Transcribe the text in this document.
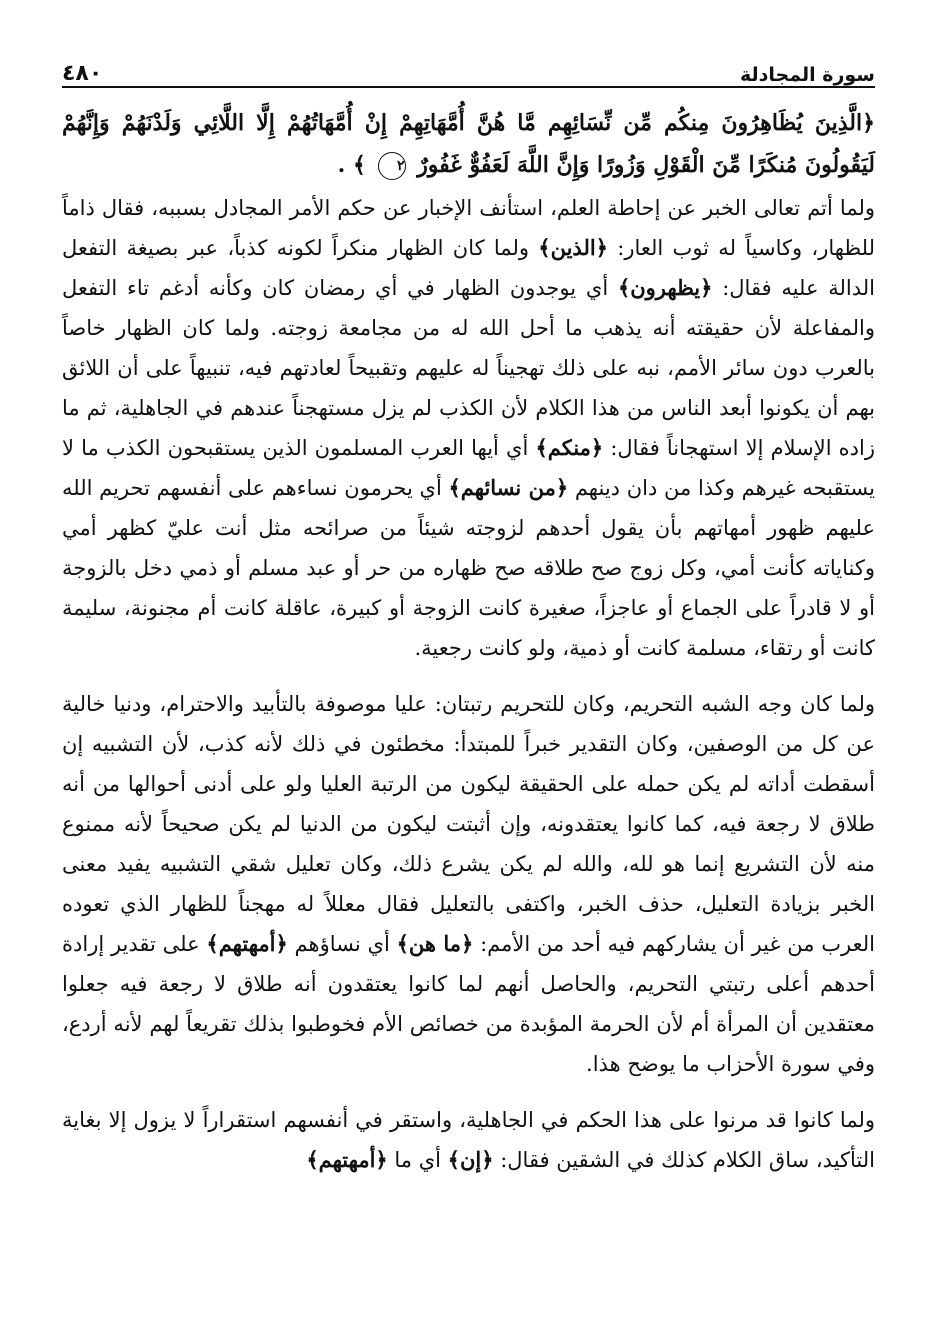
سورة المجادلة
٤٨٠
﴿الَّذِينَ يُظَاهِرُونَ مِنكُم مِّن نِّسَائِهِم مَّا هُنَّ أُمَّهَاتِهِمْ إِنْ أُمَّهَاتُهُمْ إِلَّا اللَّائِي وَلَدْنَهُمْ وَإِنَّهُمْ لَيَقُولُونَ مُنكَرًا مِّنَ الْقَوْلِ وَزُورًا وَإِنَّ اللَّهَ لَعَفُوٌّ غَفُورٌ ٢ ﴾ .

ولما أتم تعالى الخبر عن إحاطة العلم، استأنف الإخبار عن حكم الأمر المجادل بسببه، فقال ذاماً للظهار، وكاسياً له ثوب العار: ﴿الذين﴾ ولما كان الظهار منكراً لكونه كذباً، عبر بصيغة التفعل الدالة عليه فقال: ﴿يظهرون﴾ أي يوجدون الظهار في أي رمضان كان وكأنه أدغم تاء التفعل والمفاعلة لأن حقيقته أنه يذهب ما أحل الله له من مجامعة زوجته. ولما كان الظهار خاصاً بالعرب دون سائر الأمم، نبه على ذلك تهجيناً له عليهم وتقبيحاً لعادتهم فيه، تنبيهاً على أن اللائق بهم أن يكونوا أبعد الناس من هذا الكلام لأن الكذب لم يزل مستهجناً عندهم في الجاهلية، ثم ما زاده الإسلام إلا استهجاناً فقال: ﴿منكم﴾ أي أيها العرب المسلمون الذين يستقبحون الكذب ما لا يستقبحه غيرهم وكذا من دان دينهم ﴿من نسائهم﴾ أي يحرمون نساءهم على أنفسهم تحريم الله عليهم ظهور أمهاتهم بأن يقول أحدهم لزوجته شيئاً من صرائحه مثل أنت عليّ كظهر أمي وكناياته كأنت أمي، وكل زوج صح طلاقه صح ظهاره من حر أو عبد مسلم أو ذمي دخل بالزوجة أو لا قادراً على الجماع أو عاجزاً، صغيرة كانت الزوجة أو كبيرة، عاقلة كانت أم مجنونة، سليمة كانت أو رتقاء، مسلمة كانت أو ذمية، ولو كانت رجعية.

ولما كان وجه الشبه التحريم، وكان للتحريم رتبتان: عليا موصوفة بالتأبيد والاحترام، ودنيا خالية عن كل من الوصفين، وكان التقدير خبراً للمبتدأ: مخطئون في ذلك لأنه كذب، لأن التشبيه إن أسقطت أداته لم يكن حمله على الحقيقة ليكون من الرتبة العليا ولو على أدنى أحوالها من أنه طلاق لا رجعة فيه، كما كانوا يعتقدونه، وإن أثبتت ليكون من الدنيا لم يكن صحيحاً لأنه ممنوع منه لأن التشريع إنما هو لله، والله لم يكن يشرع ذلك، وكان تعليل شقي التشبيه يفيد معنى الخبر بزيادة التعليل، حذف الخبر، واكتفى بالتعليل فقال معللاً له مهجناً للظهار الذي تعوده العرب من غير أن يشاركهم فيه أحد من الأمم: ﴿ما هن﴾ أي نساؤهم ﴿أمهتهم﴾ على تقدير إرادة أحدهم أعلى رتبتي التحريم، والحاصل أنهم لما كانوا يعتقدون أنه طلاق لا رجعة فيه جعلوا معتقدين أن المرأة أم لأن الحرمة المؤبدة من خصائص الأم فخوطبوا بذلك تقريعاً لهم لأنه أردع، وفي سورة الأحزاب ما يوضح هذا.

ولما كانوا قد مرنوا على هذا الحكم في الجاهلية، واستقر في أنفسهم استقراراً لا يزول إلا بغاية التأكيد، ساق الكلام كذلك في الشقين فقال: ﴿إن﴾ أي ما ﴿أمهتهم﴾
